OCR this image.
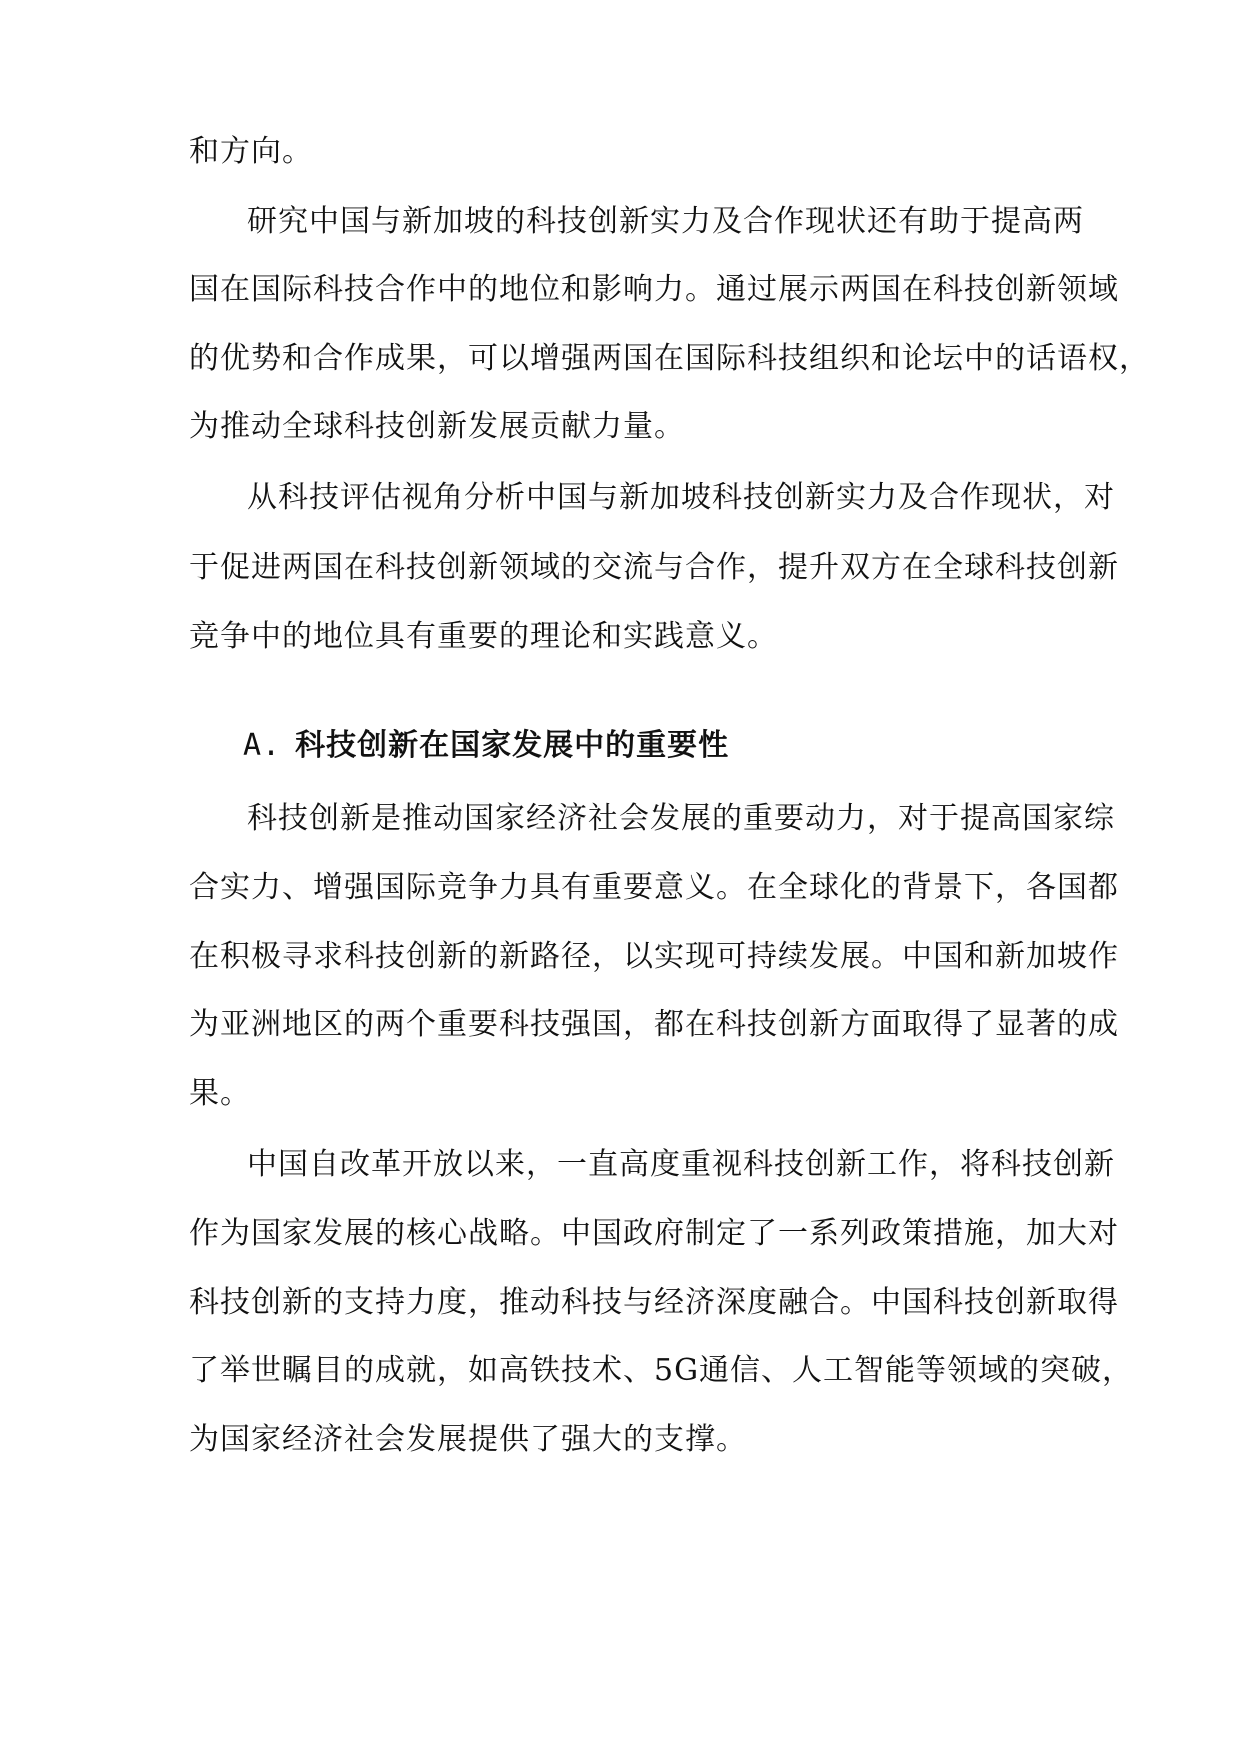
和方向。
研究中国与新加坡的科技创新实力及合作现状还有助于提高两
国在国际科技合作中的地位和影响力。通过展示两国在科技创新领域
的优势和合作成果，可以增强两国在国际科技组织和论坛中的话语权，
为推动全球科技创新发展贡献力量。
从科技评估视角分析中国与新加坡科技创新实力及合作现状，对
于促进两国在科技创新领域的交流与合作，提升双方在全球科技创新
竞争中的地位具有重要的理论和实践意义。
A. 科技创新在国家发展中的重要性
科技创新是推动国家经济社会发展的重要动力，对于提高国家综
合实力、增强国际竞争力具有重要意义。在全球化的背景下，各国都
在积极寻求科技创新的新路径，以实现可持续发展。中国和新加坡作
为亚洲地区的两个重要科技强国，都在科技创新方面取得了显著的成
果。
中国自改革开放以来，一直高度重视科技创新工作，将科技创新
作为国家发展的核心战略。中国政府制定了一系列政策措施，加大对
科技创新的支持力度，推动科技与经济深度融合。中国科技创新取得
了举世瞩目的成就，如高铁技术、5G通信、人工智能等领域的突破，
为国家经济社会发展提供了强大的支撑。
